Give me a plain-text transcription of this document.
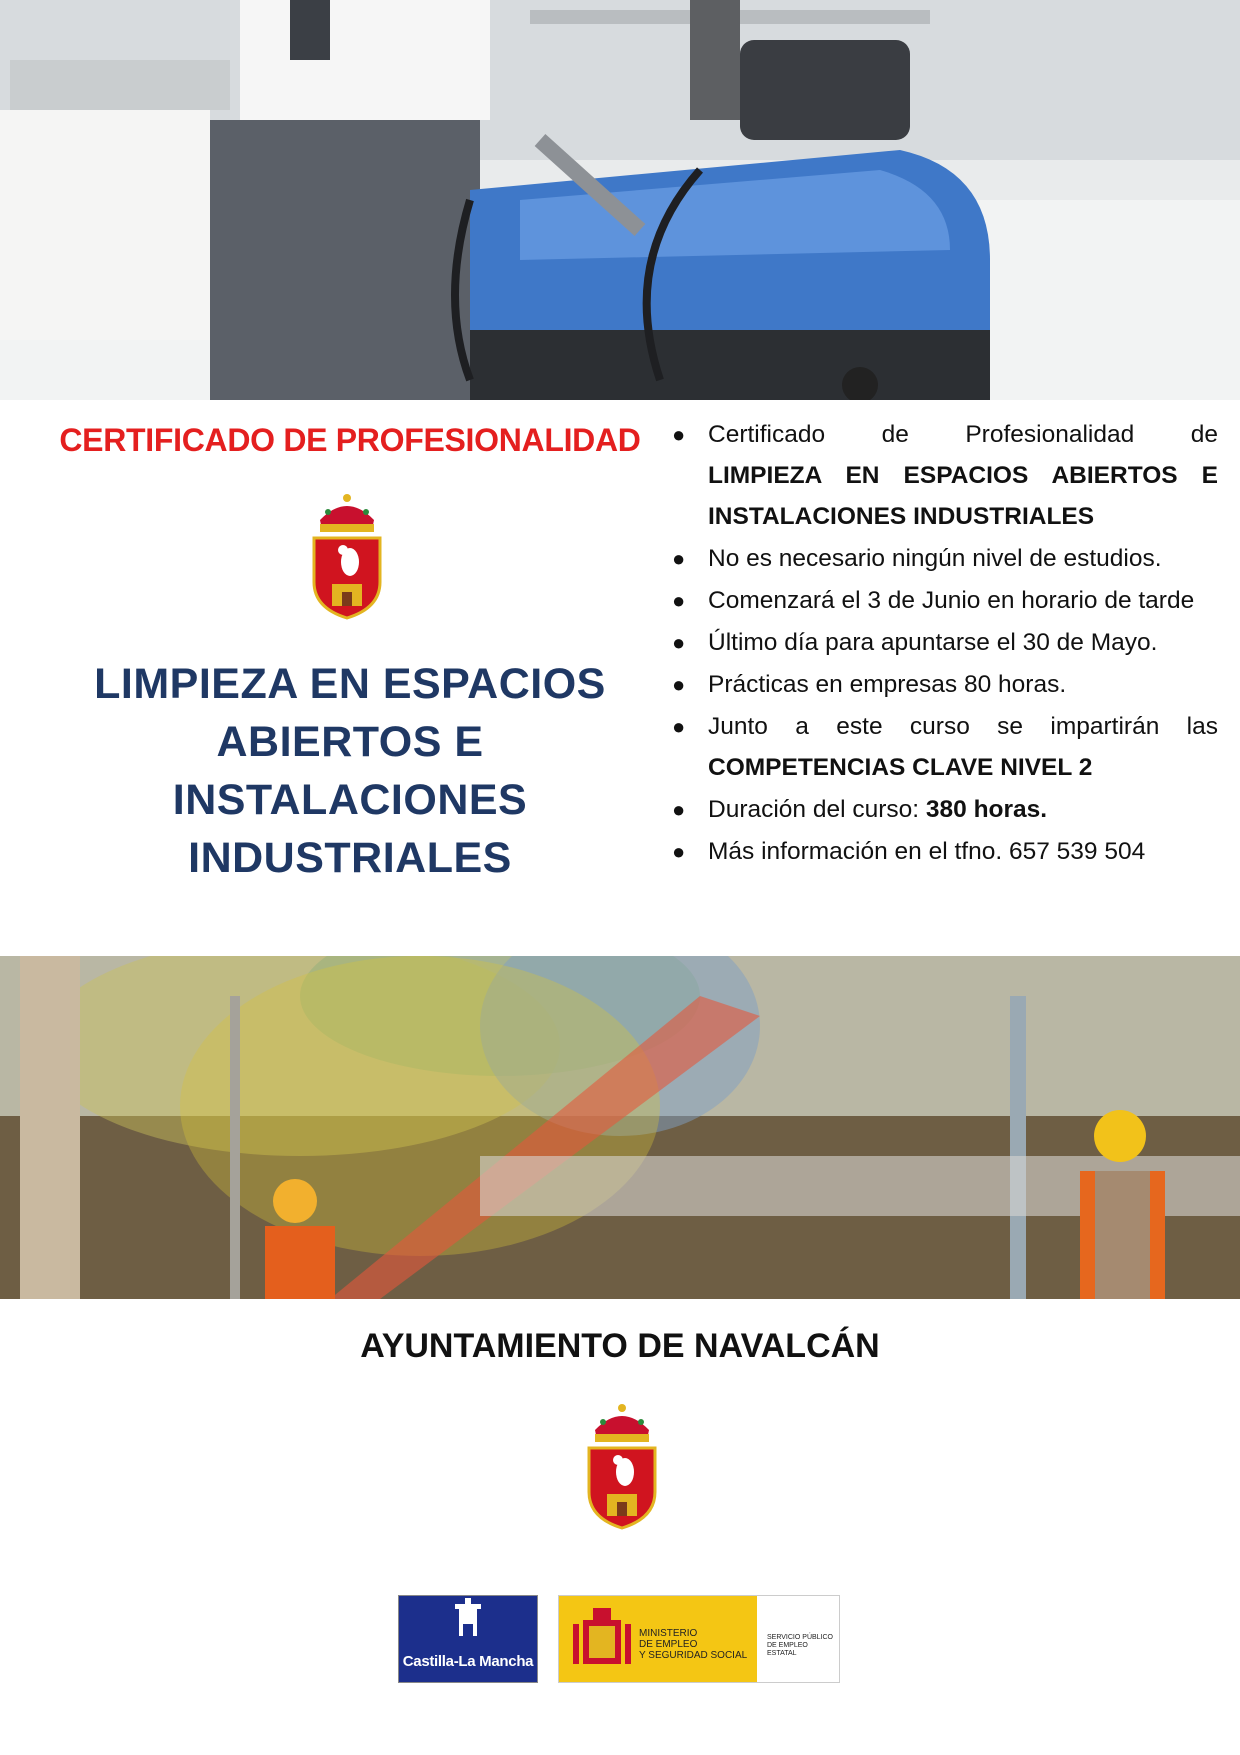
CERTIFICADO DE PROFESIONALIDAD
LIMPIEZA EN ESPACIOS
ABIERTOS E
INSTALACIONES
INDUSTRIALES
● Certificado de Profesionalidad de
LIMPIEZA EN ESPACIOS ABIERTOS E INSTALACIONES INDUSTRIALES
● No es necesario ningún nivel de estudios.
● Comenzará el 3 de Junio en horario de tarde
● Último día para apuntarse el 30 de Mayo.
● Prácticas en empresas 80 horas.
● Junto a este curso se impartirán las COMPETENCIAS CLAVE NIVEL 2
● Duración del curso: 380 horas.
● Más información en el tfno. 657 539 504
AYUNTAMIENTO DE NAVALCÁN
Castilla-La Mancha
MINISTERIO
DE EMPLEO
Y SEGURIDAD SOCIAL
SERVICIO PÚBLICO
DE EMPLEO ESTATAL
